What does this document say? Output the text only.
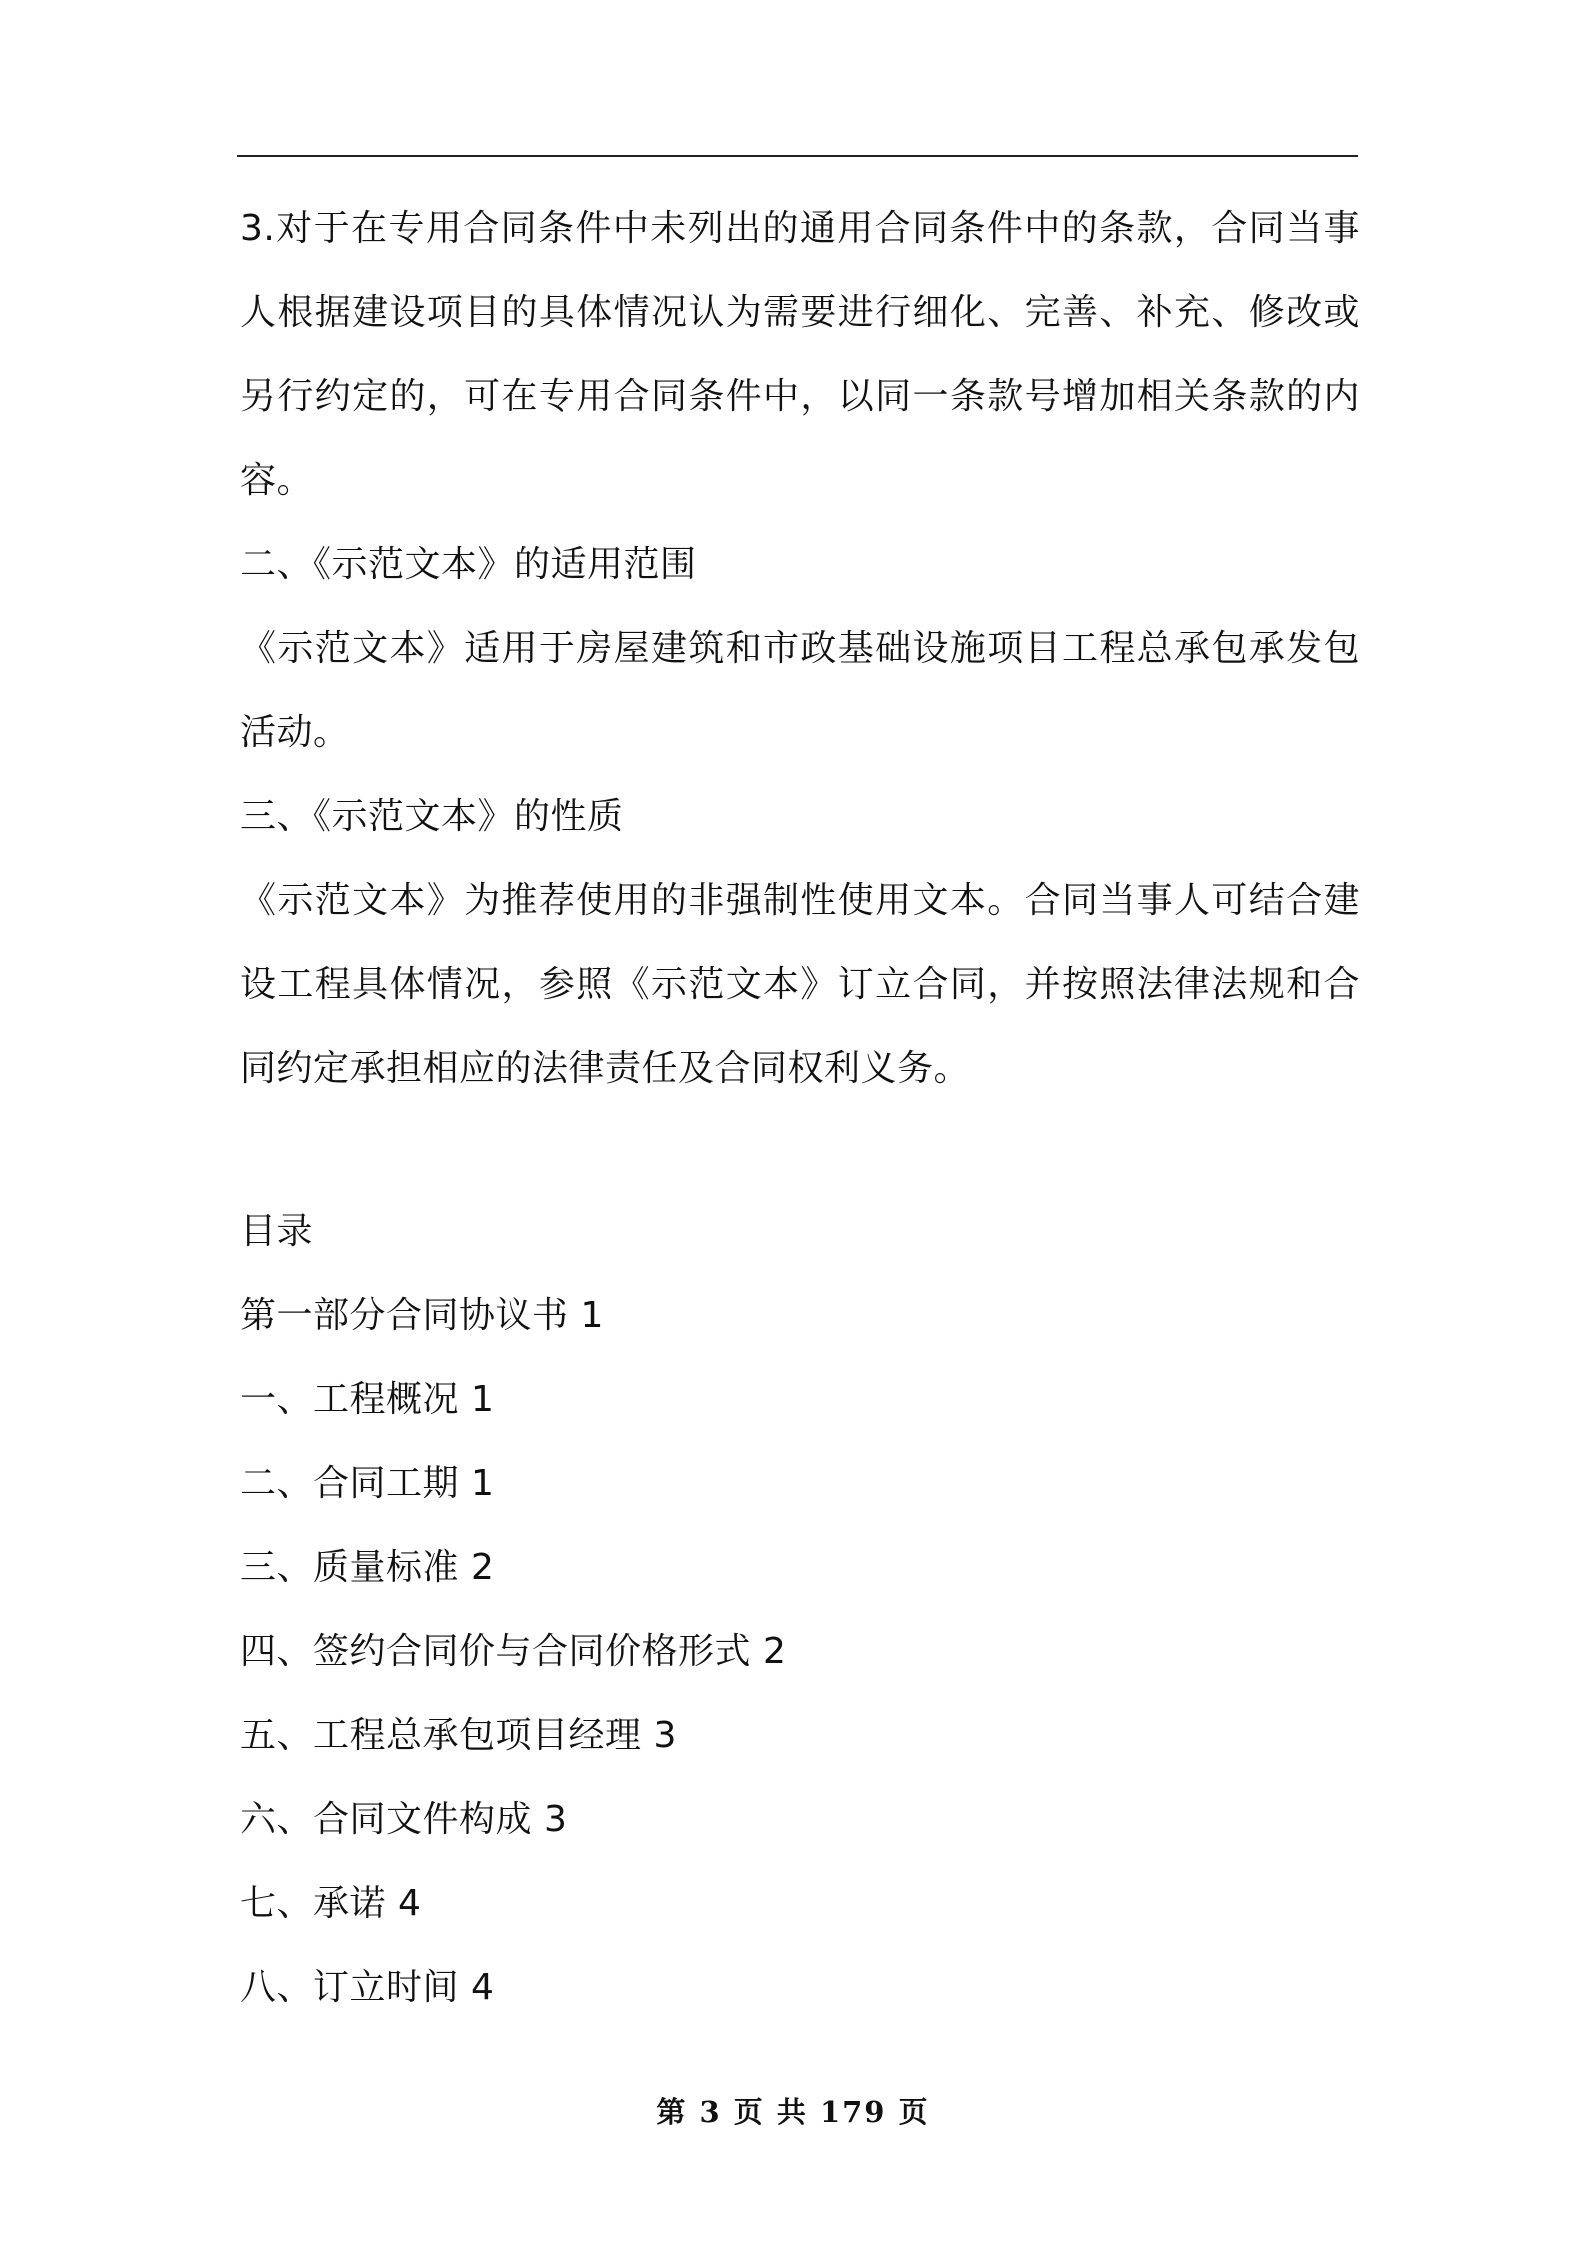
3.对于在专用合同条件中未列出的通用合同条件中的条款，合同当事人根据建设项目的具体情况认为需要进行细化、完善、补充、修改或另行约定的，可在专用合同条件中，以同一条款号增加相关条款的内容。

二、《示范文本》的适用范围

《示范文本》适用于房屋建筑和市政基础设施项目工程总承包承发包活动。

三、《示范文本》的性质

《示范文本》为推荐使用的非强制性使用文本。合同当事人可结合建设工程具体情况，参照《示范文本》订立合同，并按照法律法规和合同约定承担相应的法律责任及合同权利义务。

目录

第一部分合同协议书 1

一、工程概况 1

二、合同工期 1

三、质量标准 2

四、签约合同价与合同价格形式 2

五、工程总承包项目经理 3

六、合同文件构成 3

七、承诺 4

八、订立时间 4

第 3 页 共 179 页
